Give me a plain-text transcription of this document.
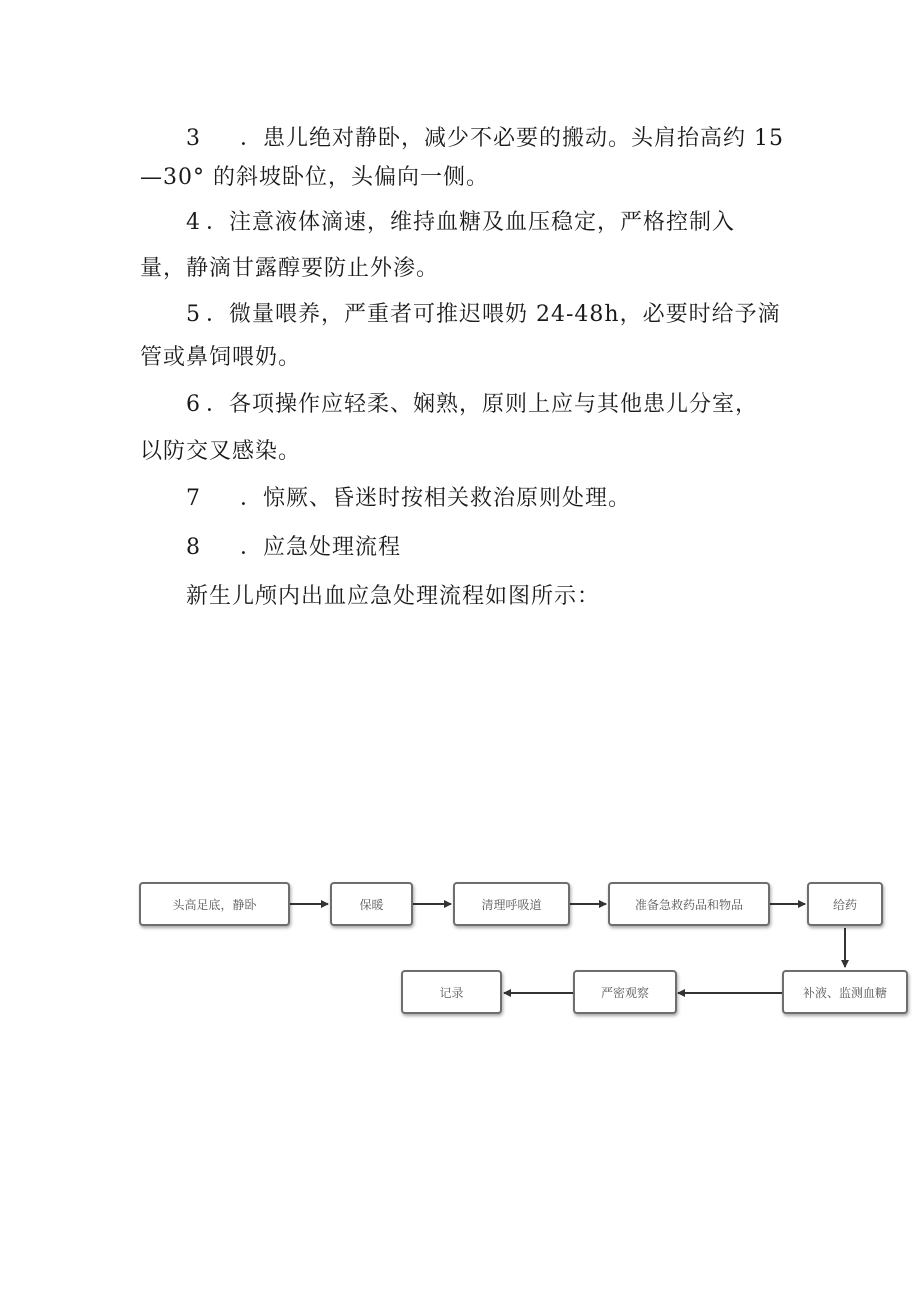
3 ．患儿绝对静卧，减少不必要的搬动。头肩抬高约 15
—30° 的斜坡卧位，头偏向一侧。
4 ．注意液体滴速，维持血糖及血压稳定，严格控制入
量，静滴甘露醇要防止外渗。
5 ．微量喂养，严重者可推迟喂奶 24-48h，必要时给予滴
管或鼻饲喂奶。
6 ．各项操作应轻柔、娴熟，原则上应与其他患儿分室，
以防交叉感染。
7 ．惊厥、昏迷时按相关救治原则处理。
8 ．应急处理流程
新生儿颅内出血应急处理流程如图所示：
头高足底，静卧	保暖	清理呼吸道	准备急救药品和物品	给药
补液、监测血糖
严密观察
记录
